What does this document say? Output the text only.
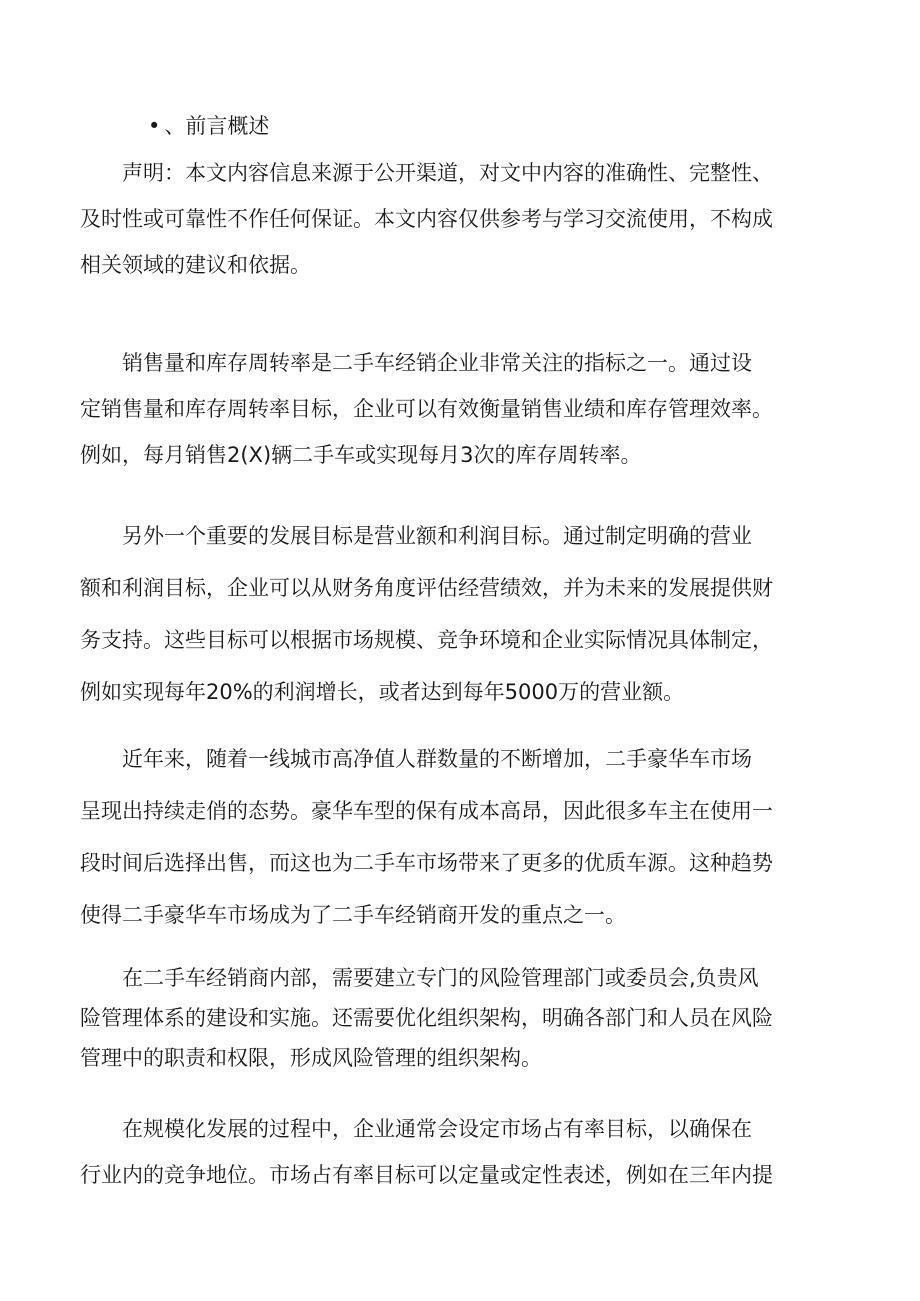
• 、前言概述

声明：本文内容信息来源于公开渠道，对文中内容的准确性、完整性、
及时性或可靠性不作任何保证。本文内容仅供参考与学习交流使用，不构成
相关领域的建议和依据。

销售量和库存周转率是二手车经销企业非常关注的指标之一。通过设
定销售量和库存周转率目标，企业可以有效衡量销售业绩和库存管理效率。
例如，每月销售2(X)辆二手车或实现每月3次的库存周转率。

另外一个重要的发展目标是营业额和利润目标。通过制定明确的营业
额和利润目标，企业可以从财务角度评估经营绩效，并为未来的发展提供财
务支持。这些目标可以根据市场规模、竞争环境和企业实际情况具体制定，
例如实现每年20%的利润增长，或者达到每年5000万的营业额。

近年来，随着一线城市高净值人群数量的不断增加，二手豪华车市场
呈现出持续走俏的态势。豪华车型的保有成本高昂，因此很多车主在使用一
段时间后选择出售，而这也为二手车市场带来了更多的优质车源。这种趋势
使得二手豪华车市场成为了二手车经销商开发的重点之一。

在二手车经销商内部，需要建立专门的风险管理部门或委员会,负贵风
险管理体系的建设和实施。还需要优化组织架构，明确各部门和人员在风险
管理中的职责和权限，形成风险管理的组织架构。

在规模化发展的过程中，企业通常会设定市场占有率目标，以确保在
行业内的竞争地位。市场占有率目标可以定量或定性表述，例如在三年内提
